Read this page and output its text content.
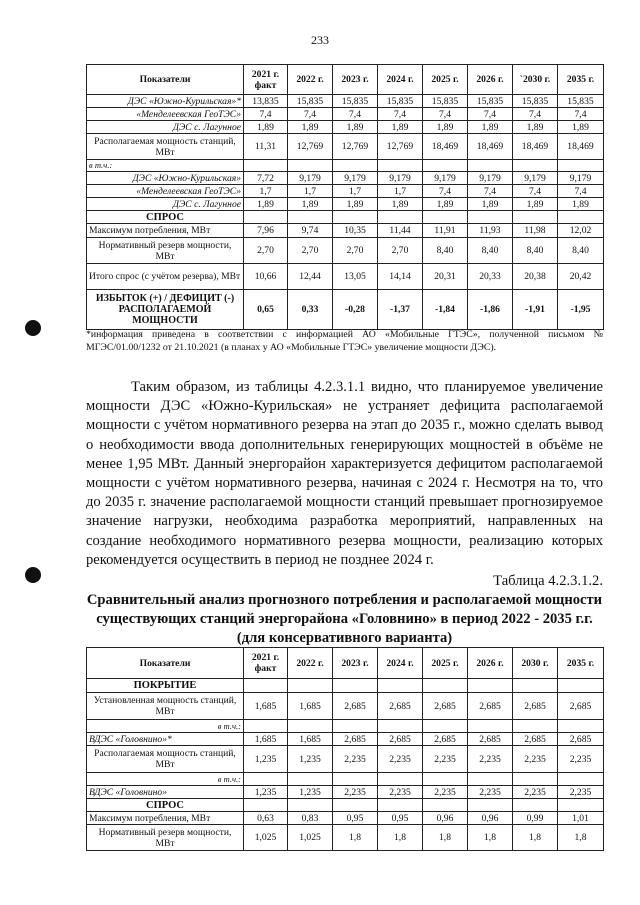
233
Показатели	2021 г. факт	2022 г.	2023 г.	2024 г.	2025 г.	2026 г.	`2030 г.	2035 г.
ДЭС «Южно-Курильская»*	13,835	15,835	15,835	15,835	15,835	15,835	15,835	15,835
«Менделеевская ГеоТЭС»	7,4	7,4	7,4	7,4	7,4	7,4	7,4	7,4
ДЭС с. Лагунное	1,89	1,89	1,89	1,89	1,89	1,89	1,89	1,89
Располагаемая мощность станций, МВт	11,31	12,769	12,769	12,769	18,469	18,469	18,469	18,469
в т.ч.:								
ДЭС «Южно-Курильская»	7,72	9,179	9,179	9,179	9,179	9,179	9,179	9,179
«Менделеевская ГеоТЭС»	1,7	1,7	1,7	1,7	7,4	7,4	7,4	7,4
ДЭС с. Лагунное	1,89	1,89	1,89	1,89	1,89	1,89	1,89	1,89
СПРОС								
Максимум потребления, МВт	7,96	9,74	10,35	11,44	11,91	11,93	11,98	12,02
Нормативный резерв мощности, МВт	2,70	2,70	2,70	2,70	8,40	8,40	8,40	8,40
Итого спрос (с учётом резерва), МВт	10,66	12,44	13,05	14,14	20,31	20,33	20,38	20,42
ИЗБЫТОК (+) / ДЕФИЦИТ (-) РАСПОЛАГАЕМОЙ МОЩНОСТИ	0,65	0,33	-0,28	-1,37	-1,84	-1,86	-1,91	-1,95
*информация приведена в соответствии с информацией АО «Мобильные ГТЭС», полученной письмом № МГЭС/01.00/1232 от 21.10.2021 (в планах у АО «Мобильные ГТЭС» увеличение мощности ДЭС).
Таким образом, из таблицы 4.2.3.1.1 видно, что планируемое увеличение мощности ДЭС «Южно-Курильская» не устраняет дефицита располагаемой мощности с учётом нормативного резерва на этап до 2035 г., можно сделать вывод о необходимости ввода дополнительных генерирующих мощностей в объёме не менее 1,95 МВт. Данный энергорайон характеризуется дефицитом располагаемой мощности с учётом нормативного резерва, начиная с 2024 г. Несмотря на то, что до 2035 г. значение располагаемой мощности станций превышает прогнозируемое значение нагрузки, необходима разработка мероприятий, направленных на создание необходимого нормативного резерва мощности, реализацию которых рекомендуется осуществить в период не позднее 2024 г.
Таблица 4.2.3.1.2.
Сравнительный анализ прогнозного потребления и располагаемой мощности существующих станций энергорайона «Головнино» в период 2022 - 2035 г.г. (для консервативного варианта)
Показатели	2021 г. факт	2022 г.	2023 г.	2024 г.	2025 г.	2026 г.	2030 г.	2035 г.
ПОКРЫТИЕ								
Установленная мощность станций, МВт	1,685	1,685	2,685	2,685	2,685	2,685	2,685	2,685
в т.ч.:								
ВДЭС «Головнино»*	1,685	1,685	2,685	2,685	2,685	2,685	2,685	2,685
Располагаемая мощность станций, МВт	1,235	1,235	2,235	2,235	2,235	2,235	2,235	2,235
в т.ч.:								
ВДЭС «Головнино»	1,235	1,235	2,235	2,235	2,235	2,235	2,235	2,235
СПРОС								
Максимум потребления, МВт	0,63	0,83	0,95	0,95	0,96	0,96	0,99	1,01
Нормативный резерв мощности, МВт	1,025	1,025	1,8	1,8	1,8	1,8	1,8	1,8
